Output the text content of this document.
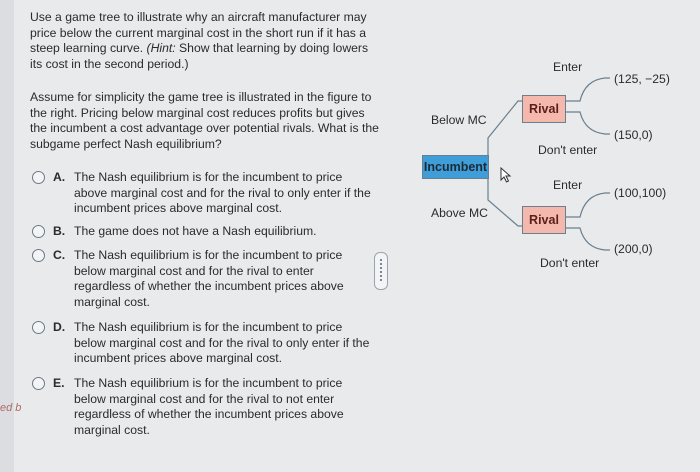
ed b
Use a game tree to illustrate why an aircraft manufacturer may price below the current marginal cost in the short run if it has a steep learning curve. (Hint: Show that learning by doing lowers its cost in the second period.)
Assume for simplicity the game tree is illustrated in the figure to the right. Pricing below marginal cost reduces profits but gives the incumbent a cost advantage over potential rivals. What is the subgame perfect Nash equilibrium?
A. The Nash equilibrium is for the incumbent to price above marginal cost and for the rival to only enter if the incumbent prices above marginal cost.
B. The game does not have a Nash equilibrium.
C. The Nash equilibrium is for the incumbent to price below marginal cost and for the rival to enter regardless of whether the incumbent prices above marginal cost.
D. The Nash equilibrium is for the incumbent to price below marginal cost and for the rival to only enter if the incumbent prices above marginal cost.
E. The Nash equilibrium is for the incumbent to price below marginal cost and for the rival to not enter regardless of whether the incumbent prices above marginal cost.
Incumbent
Rival
Rival
Below MC
Above MC
Enter
Don't enter
Enter
Don't enter
(125, −25)
(150,0)
(100,100)
(200,0)
